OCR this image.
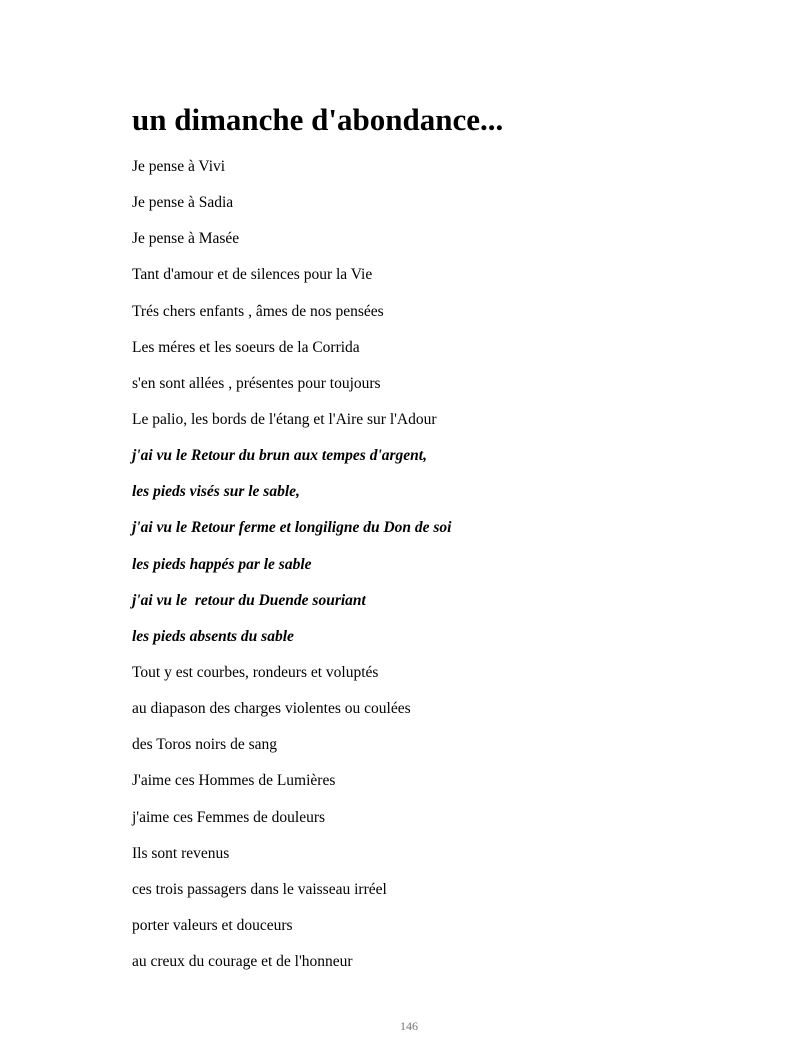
un dimanche d'abondance...
Je pense à Vivi
Je pense à Sadia
Je pense à Masée
Tant d'amour et de silences pour la Vie
Trés chers enfants , âmes de nos pensées
Les méres et les soeurs de la Corrida
s'en sont allées , présentes pour toujours
Le palio, les bords de l'étang et l'Aire sur l'Adour
j'ai vu le Retour du brun aux tempes d'argent,
les pieds visés sur le sable,
j'ai vu le Retour ferme et longiligne du Don de soi
les pieds happés par le sable
j'ai vu le  retour du Duende souriant
les pieds absents du sable
Tout y est courbes, rondeurs et voluptés
au diapason des charges violentes ou coulées
des Toros noirs de sang
J'aime ces Hommes de Lumières
j'aime ces Femmes de douleurs
Ils sont revenus
ces trois passagers dans le vaisseau irréel
porter valeurs et douceurs
au creux du courage et de l'honneur
146
